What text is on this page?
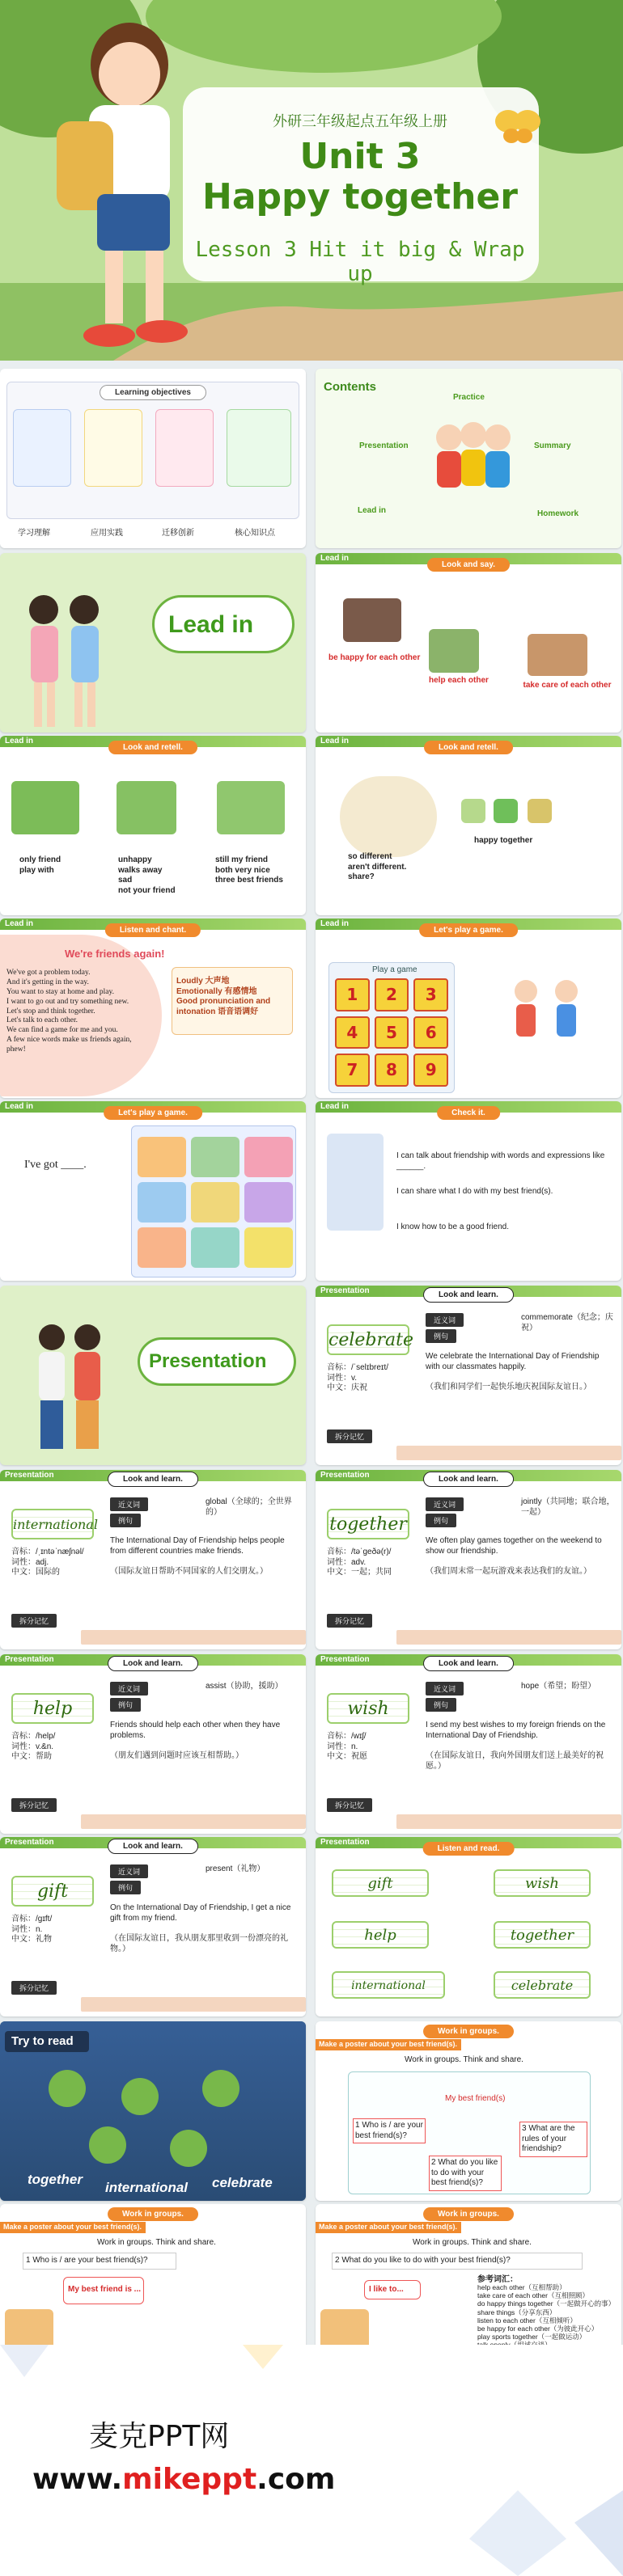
外研三年级起点五年级上册
Unit 3
Happy together
Lesson 3 Hit it big & Wrap up
Learning objectives
学习理解	应用实践	迁移创新	核心知识点
Contents
Practice
Presentation	Summary
Lead in	Homework
Lead in
Lead in
Look and say.
be happy for each other
help each other
take care of each other
Lead in
Look and retell.
only friend
play with
unhappy
walks away
sad
not your friend
still my friend
both very nice
three best friends
Lead in
Look and retell.
so different
aren't different.
share?
happy together
Lead in
Listen and chant.
We're friends again!
We've got a problem today.
And it's getting in the way.
You want to stay at home and play.
I want to go out and try something new.
Let's stop and think together.
Let's talk to each other.
We can find a game for me and you.
A few nice words make us friends again,
phew!
Loudly 大声地
Emotionally 有感情地
Good pronunciation and intonation 语音语调好
Lead in
Let's play a game.
Play a game
1	2	3
4	5	6
7	8	9
Lead in
Let's play a game.
I've got ____.
Lead in
Check it.
I can talk about friendship with words and expressions like ______.
I can share what I do with my best friend(s).
I know how to be a good friend.
Presentation
Presentation	Look and learn.
celebrate
近义词
例句
commemorate（纪念；庆祝）
We celebrate the International Day of Friendship with our classmates happily.
（我们和同学们一起快乐地庆祝国际友谊日。）
音标：/ˈselɪbreɪt/
词性：v.
中文：庆祝
拆分记忆
Presentation	Look and learn.
international
近义词
例句
global（全球的；全世界的）
The International Day of Friendship helps people from different countries make friends.
（国际友谊日帮助不同国家的人们交朋友。）
音标：/ˌɪntəˈnæʃnəl/
词性：adj.
中文：国际的
拆分记忆
Presentation	Look and learn.
together
近义词
例句
jointly（共同地；联合地，一起）
We often play games together on the weekend to show our friendship.
（我们周末常一起玩游戏来表达我们的友谊。）
音标：/təˈɡeðə(r)/
词性：adv.
中文：一起；共同
拆分记忆
Presentation	Look and learn.
help
近义词
例句
assist（协助，援助）
Friends should help each other when they have problems.
（朋友们遇到问题时应该互相帮助。）
音标：/help/
词性：v.&n.
中文：帮助
拆分记忆
Presentation	Look and learn.
wish
近义词
例句
hope（希望；盼望）
I send my best wishes to my foreign friends on the International Day of Friendship.
（在国际友谊日，我向外国朋友们送上最美好的祝愿。）
音标：/wɪʃ/
词性：n.
中文：祝愿
拆分记忆
Presentation	Look and learn.
gift
近义词
例句
present（礼物）
On the International Day of Friendship, I get a nice gift from my friend.
（在国际友谊日，我从朋友那里收到一份漂亮的礼物。）
音标：/ɡɪft/
词性：n.
中文：礼物
拆分记忆
Presentation
Listen and read.
gift	wish
help	together
international	celebrate
Try to read
together
international celebrate
Work in groups.
Make a poster about your best friend(s).
Work in groups. Think and share.
My best friend(s)
1 Who is / are your best friend(s)?
2 What do you like to do with your best friend(s)?
3 What are the rules of your friendship?
Work in groups.
Make a poster about your best friend(s).
Work in groups. Think and share.
1 Who is / are your best friend(s)?
My best friend is ...
Work in groups.
Make a poster about your best friend(s).
Work in groups. Think and share.
2 What do you like to do with your best friend(s)?
I like to...
参考词汇：
help each other（互相帮助）
take care of each other（互相照顾）
do happy things together（一起做开心的事）
share things（分享东西）
listen to each other（互相倾听）
be happy for each other（为彼此开心）
play sports together（一起做运动）

麦克PPT网
www.mikeppt.com
